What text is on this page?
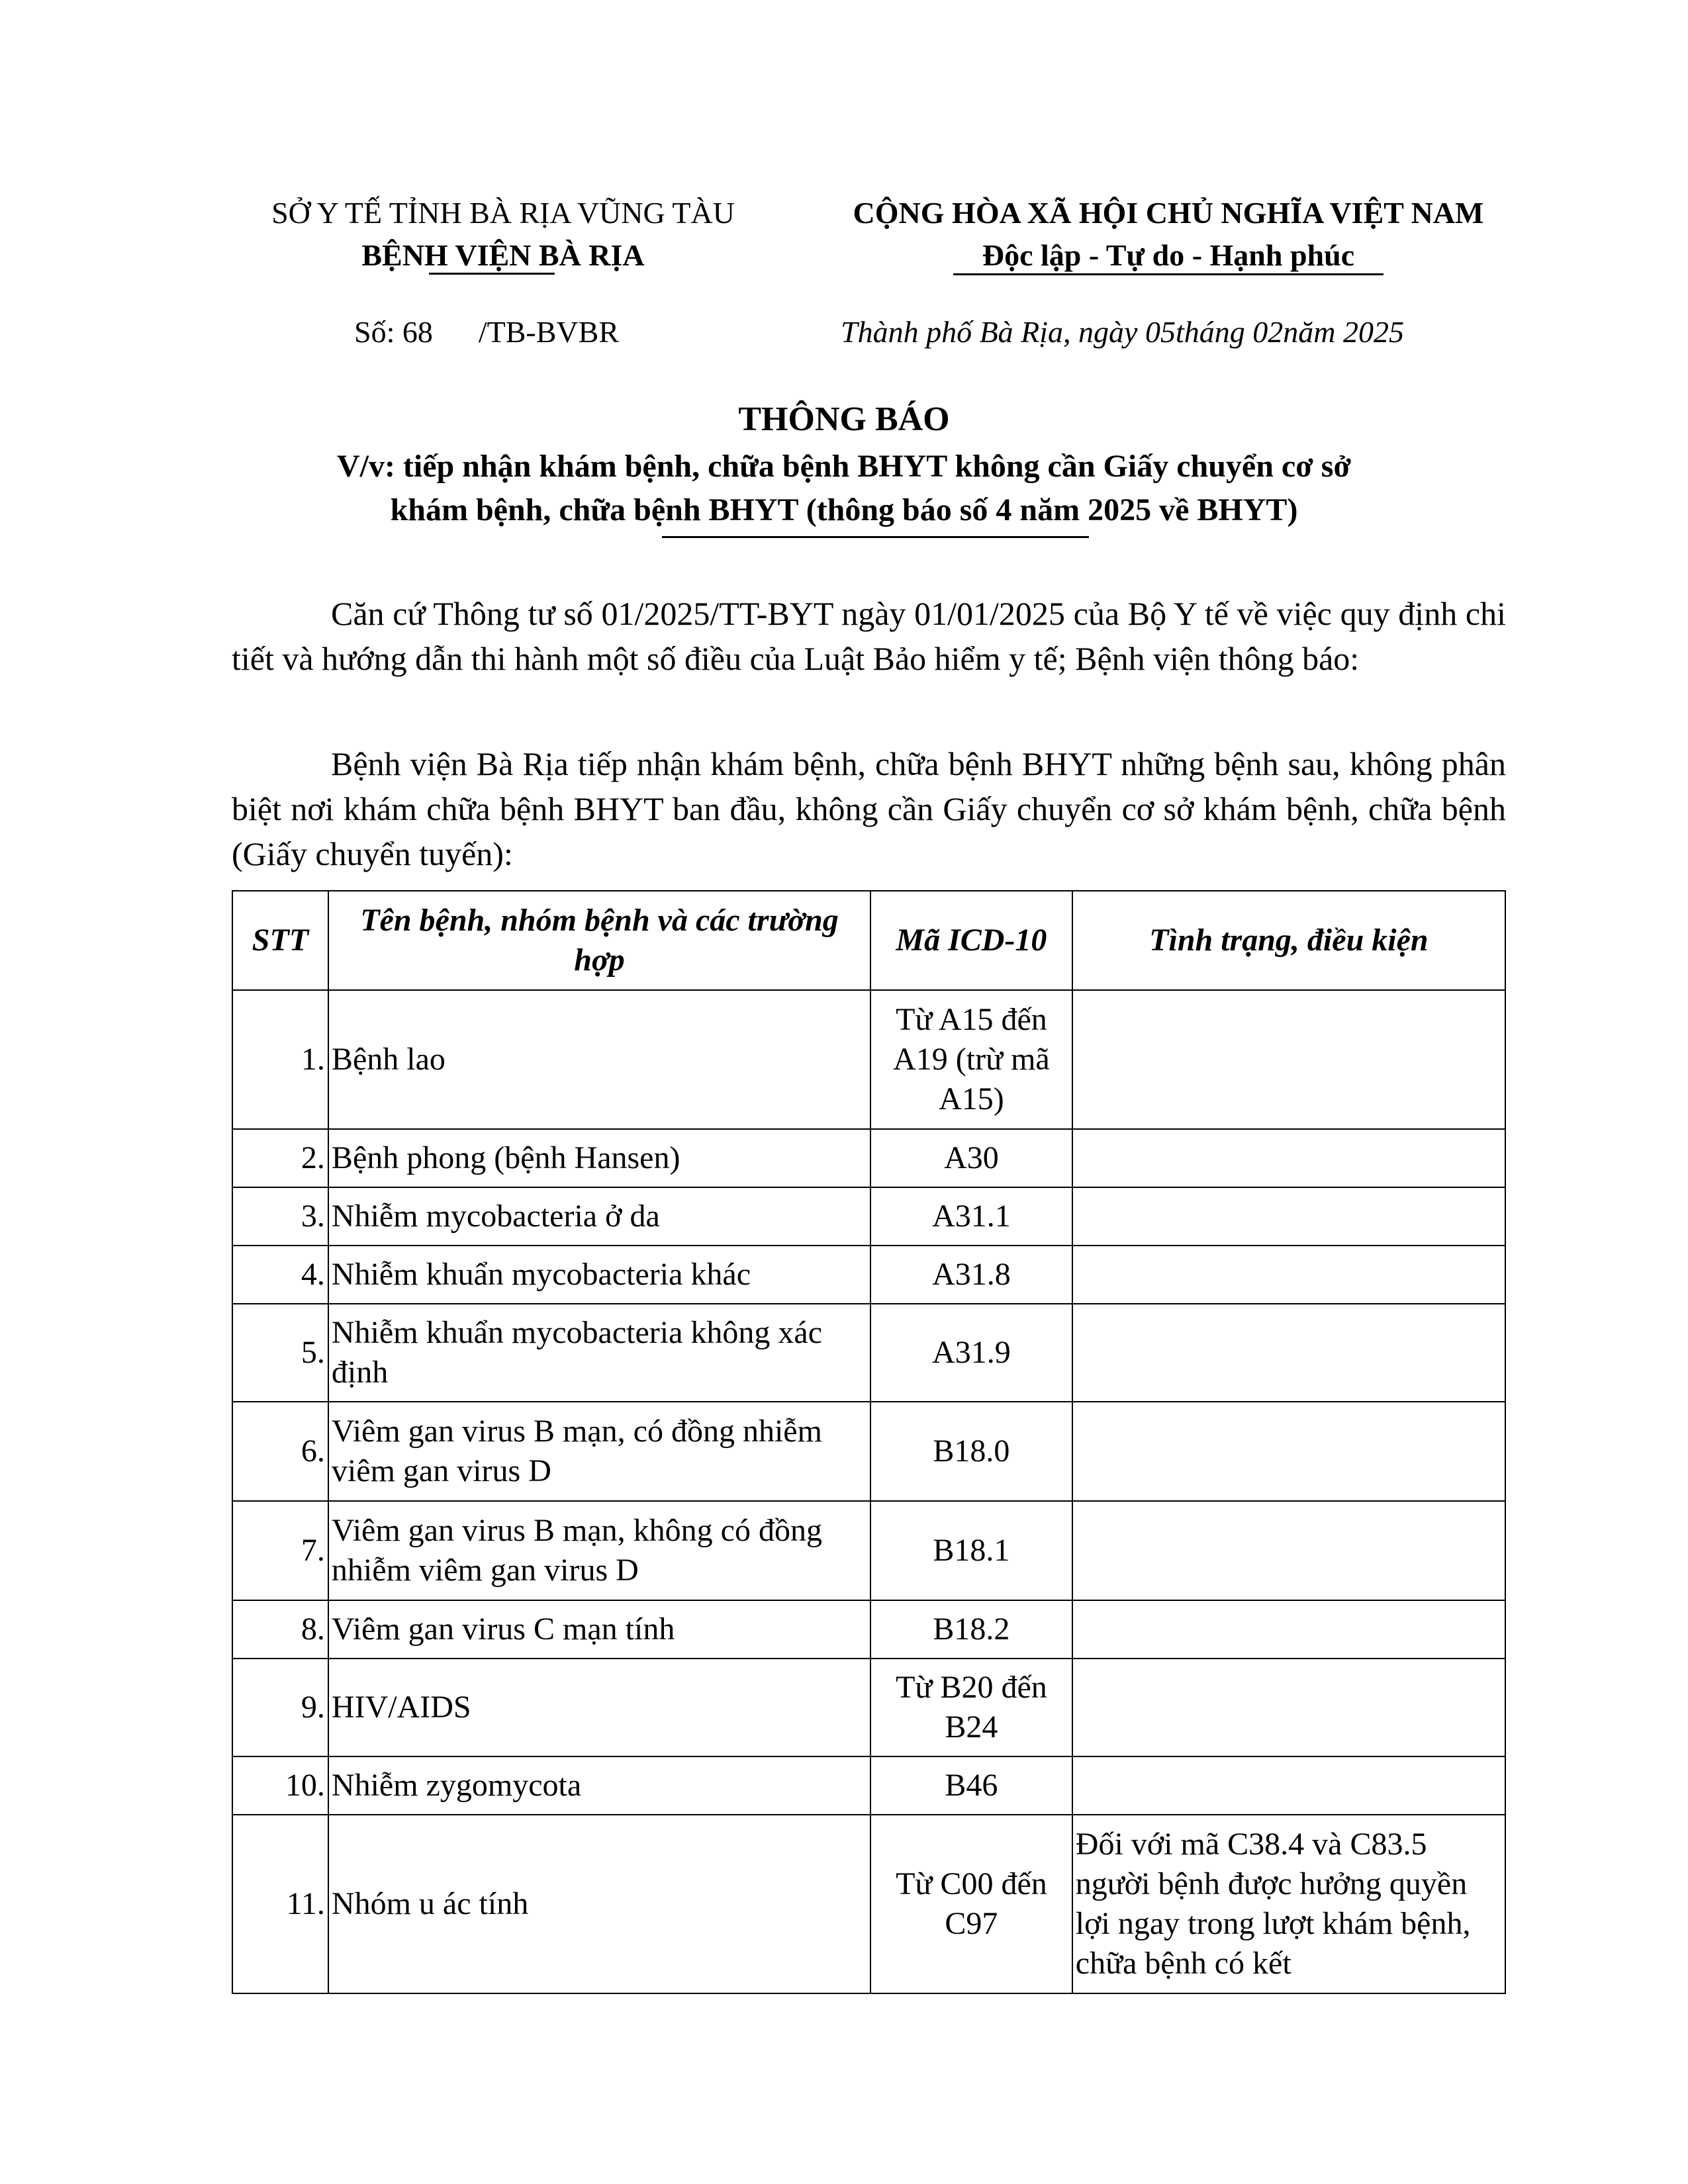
SỞ Y TẾ TỈNH BÀ RỊA VŨNG TÀU
BỆNH VIỆN BÀ RỊA
CỘNG HÒA XÃ HỘI CHỦ NGHĨA VIỆT NAM
Độc lập - Tự do - Hạnh phúc
Số: 68      /TB-BVBR	Thành phố Bà Rịa, ngày 05tháng 02năm 2025
THÔNG BÁO
V/v: tiếp nhận khám bệnh, chữa bệnh BHYT không cần Giấy chuyển cơ sở
khám bệnh, chữa bệnh BHYT (thông báo số 4 năm 2025 về BHYT)
Căn cứ Thông tư số 01/2025/TT-BYT ngày 01/01/2025 của Bộ Y tế về việc quy định chi tiết và hướng dẫn thi hành một số điều của Luật Bảo hiểm y tế; Bệnh viện thông báo:
Bệnh viện Bà Rịa tiếp nhận khám bệnh, chữa bệnh BHYT những bệnh sau, không phân biệt nơi khám chữa bệnh BHYT ban đầu, không cần Giấy chuyển cơ sở khám bệnh, chữa bệnh (Giấy chuyển tuyến):
STT	Tên bệnh, nhóm bệnh và các trường hợp	Mã ICD-10	Tình trạng, điều kiện
1.	Bệnh lao	Từ A15 đến A19 (trừ mã A15)	
2.	Bệnh phong (bệnh Hansen)	A30	
3.	Nhiễm mycobacteria ở da	A31.1	
4.	Nhiễm khuẩn mycobacteria khác	A31.8	
5.	Nhiễm khuẩn mycobacteria không xác định	A31.9	
6.	Viêm gan virus B mạn, có đồng nhiễm viêm gan virus D	B18.0	
7.	Viêm gan virus B mạn, không có đồng nhiễm viêm gan virus D	B18.1	
8.	Viêm gan virus C mạn tính	B18.2	
9.	HIV/AIDS	Từ B20 đến B24	
10.	Nhiễm zygomycota	B46	
11.	Nhóm u ác tính	Từ C00 đến C97	Đối với mã C38.4 và C83.5 người bệnh được hưởng quyền lợi ngay trong lượt khám bệnh, chữa bệnh có kết
